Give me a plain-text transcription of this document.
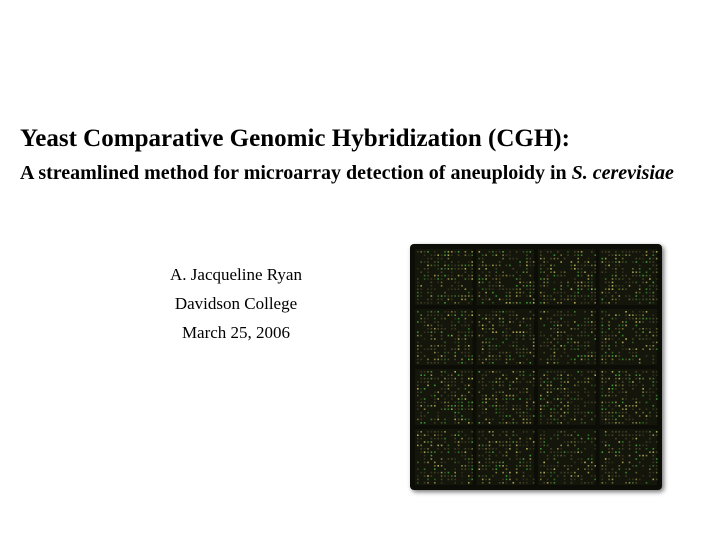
Yeast Comparative Genomic Hybridization (CGH):

A streamlined method for microarray detection of aneuploidy in S. cerevisiae

A. Jacqueline Ryan
Davidson College
March 25, 2006
